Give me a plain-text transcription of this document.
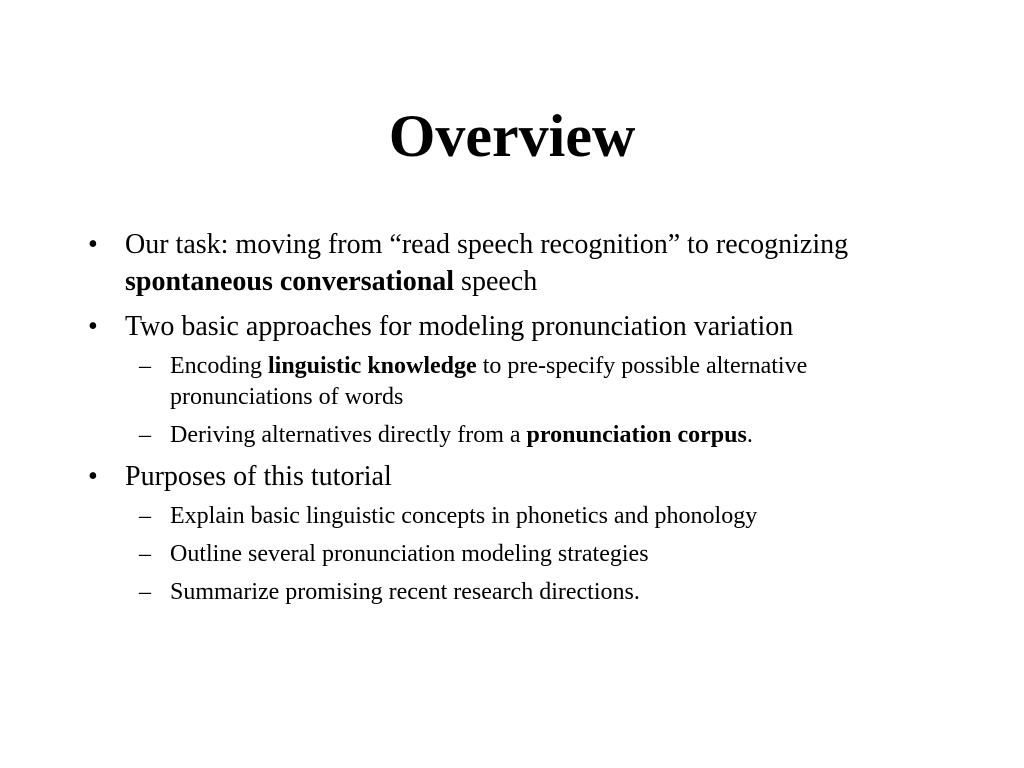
Overview
• Our task: moving from “read speech recognition” to recognizing spontaneous conversational speech
• Two basic approaches for modeling pronunciation variation
– Encoding linguistic knowledge to pre-specify possible alternative pronunciations of words
– Deriving alternatives directly from a pronunciation corpus.
• Purposes of this tutorial
– Explain basic linguistic concepts in phonetics and phonology
– Outline several pronunciation modeling strategies
– Summarize promising recent research directions.
